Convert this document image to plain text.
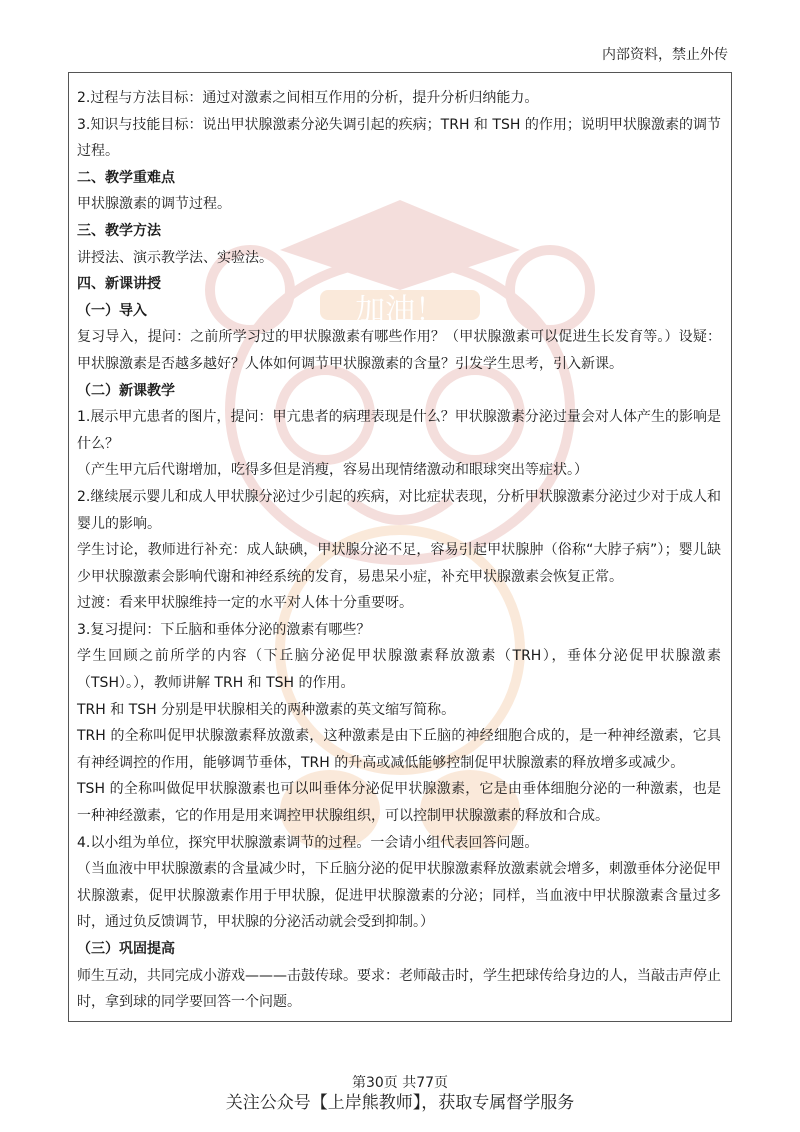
内部资料，禁止外传
加油！

2.过程与方法目标：通过对激素之间相互作用的分析，提升分析归纳能力。

3.知识与技能目标：说出甲状腺激素分泌失调引起的疾病；TRH 和 TSH 的作用；说明甲状腺激素的调节过程。

二、教学重难点

甲状腺激素的调节过程。

三、教学方法

讲授法、演示教学法、实验法。

四、新课讲授

（一）导入

复习导入，提问：之前所学习过的甲状腺激素有哪些作用？（甲状腺激素可以促进生长发育等。）设疑：甲状腺激素是否越多越好？人体如何调节甲状腺激素的含量？引发学生思考，引入新课。

（二）新课教学

1.展示甲亢患者的图片，提问：甲亢患者的病理表现是什么？甲状腺激素分泌过量会对人体产生的影响是什么？

（产生甲亢后代谢增加，吃得多但是消瘦，容易出现情绪激动和眼球突出等症状。）

2.继续展示婴儿和成人甲状腺分泌过少引起的疾病，对比症状表现，分析甲状腺激素分泌过少对于成人和婴儿的影响。

学生讨论，教师进行补充：成人缺碘，甲状腺分泌不足，容易引起甲状腺肿（俗称“大脖子病”）；婴儿缺少甲状腺激素会影响代谢和神经系统的发育，易患呆小症，补充甲状腺激素会恢复正常。

过渡：看来甲状腺维持一定的水平对人体十分重要呀。

3.复习提问：下丘脑和垂体分泌的激素有哪些？

学生回顾之前所学的内容（下丘脑分泌促甲状腺激素释放激素（TRH），垂体分泌促甲状腺激素（TSH）。），教师讲解 TRH 和 TSH 的作用。

TRH 和 TSH 分别是甲状腺相关的两种激素的英文缩写简称。

TRH 的全称叫促甲状腺激素释放激素，这种激素是由下丘脑的神经细胞合成的，是一种神经激素，它具有神经调控的作用，能够调节垂体，TRH 的升高或减低能够控制促甲状腺激素的释放增多或减少。

TSH 的全称叫做促甲状腺激素也可以叫垂体分泌促甲状腺激素，它是由垂体细胞分泌的一种激素，也是一种神经激素，它的作用是用来调控甲状腺组织，可以控制甲状腺激素的释放和合成。

4.以小组为单位，探究甲状腺激素调节的过程。一会请小组代表回答问题。

（当血液中甲状腺激素的含量减少时，下丘脑分泌的促甲状腺激素释放激素就会增多，刺激垂体分泌促甲状腺激素，促甲状腺激素作用于甲状腺，促进甲状腺激素的分泌；同样，当血液中甲状腺激素含量过多时，通过负反馈调节，甲状腺的分泌活动就会受到抑制。）

（三）巩固提高

师生互动，共同完成小游戏———击鼓传球。要求：老师敲击时，学生把球传给身边的人，当敲击声停止时，拿到球的同学要回答一个问题。

第30页 共77页
关注公众号【上岸熊教师】，获取专属督学服务
